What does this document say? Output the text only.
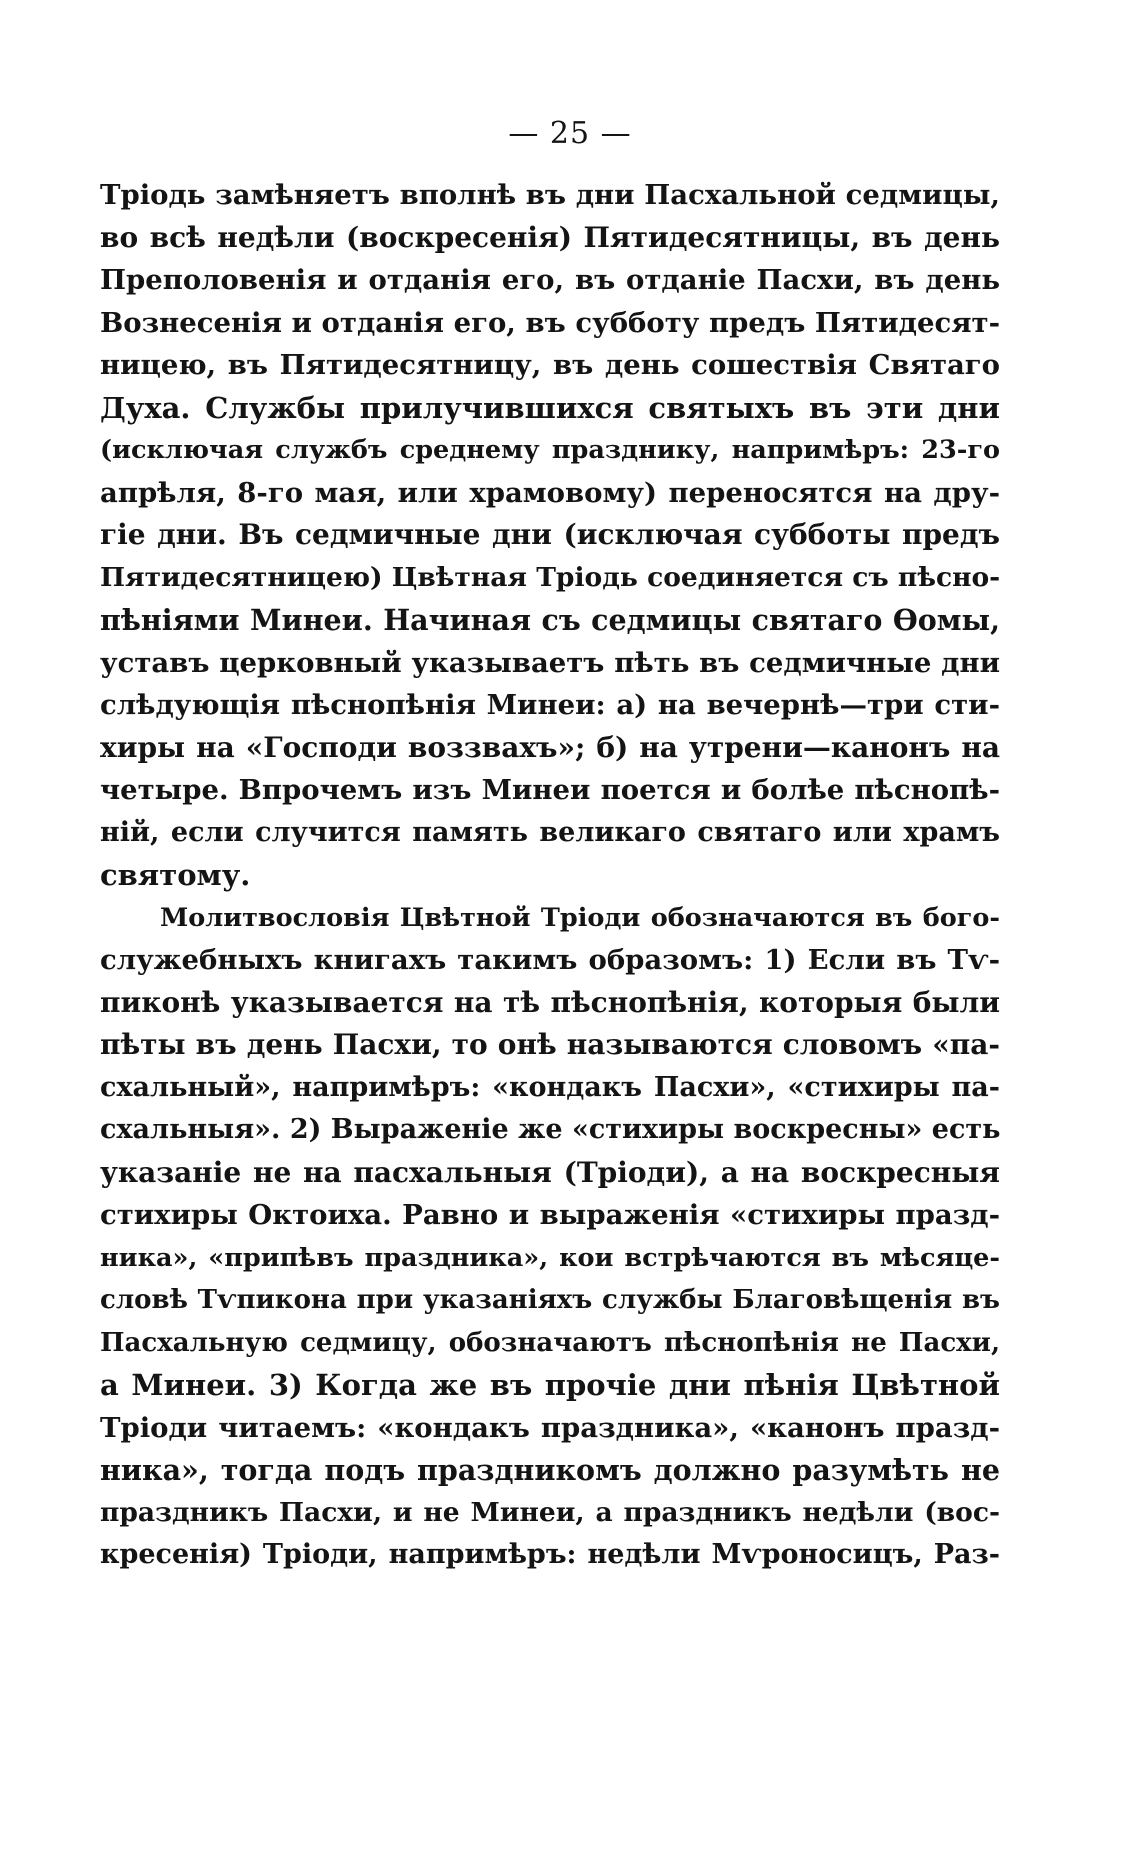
— 25 —
Тріодь замѣняетъ вполнѣ въ дни Пасхальной седмицы,
во всѣ недѣли (воскресенія) Пятидесятницы, въ день
Преполовенія и отданія его, въ отданіе Пасхи, въ день
Вознесенія и отданія его, въ субботу предъ Пятидесят-
ницею, въ Пятидесятницу, въ день сошествія Святаго
Духа. Службы прилучившихся святыхъ въ эти дни
(исключая службъ среднему празднику, напримѣръ: 23-го
апрѣля, 8-го мая, или храмовому) переносятся на дру-
гіе дни. Въ седмичные дни (исключая субботы предъ
Пятидесятницею) Цвѣтная Тріодь соединяется съ пѣсно-
пѣніями Минеи. Начиная съ седмицы святаго Ѳомы,
уставъ церковный указываетъ пѣть въ седмичные дни
слѣдующія пѣснопѣнія Минеи: а) на вечернѣ—три сти-
хиры на «Господи воззвахъ»; б) на утрени—канонъ на
четыре. Впрочемъ изъ Минеи поется и болѣе пѣснопѣ-
ній, если случится память великаго святаго или храмъ
святому.
Молитвословія Цвѣтной Тріоди обозначаются въ бого-
служебныхъ книгахъ такимъ образомъ: 1) Если въ Тѵ-
пиконѣ указывается на тѣ пѣснопѣнія, которыя были
пѣты въ день Пасхи, то онѣ называются словомъ «па-
схальный», напримѣръ: «кондакъ Пасхи», «стихиры па-
схальныя». 2) Выраженіе же «стихиры воскресны» есть
указаніе не на пасхальныя (Тріоди), а на воскресныя
стихиры Октоиха. Равно и выраженія «стихиры празд-
ника», «припѣвъ праздника», кои встрѣчаются въ мѣсяце-
словѣ Тѵпикона при указаніяхъ службы Благовѣщенія въ
Пасхальную седмицу, обозначаютъ пѣснопѣнія не Пасхи,
а Минеи. 3) Когда же въ прочіе дни пѣнія Цвѣтной
Тріоди читаемъ: «кондакъ праздника», «канонъ празд-
ника», тогда подъ праздникомъ должно разумѣть не
праздникъ Пасхи, и не Минеи, а праздникъ недѣли (вос-
кресенія) Тріоди, напримѣръ: недѣли Мѵроносицъ, Раз-
